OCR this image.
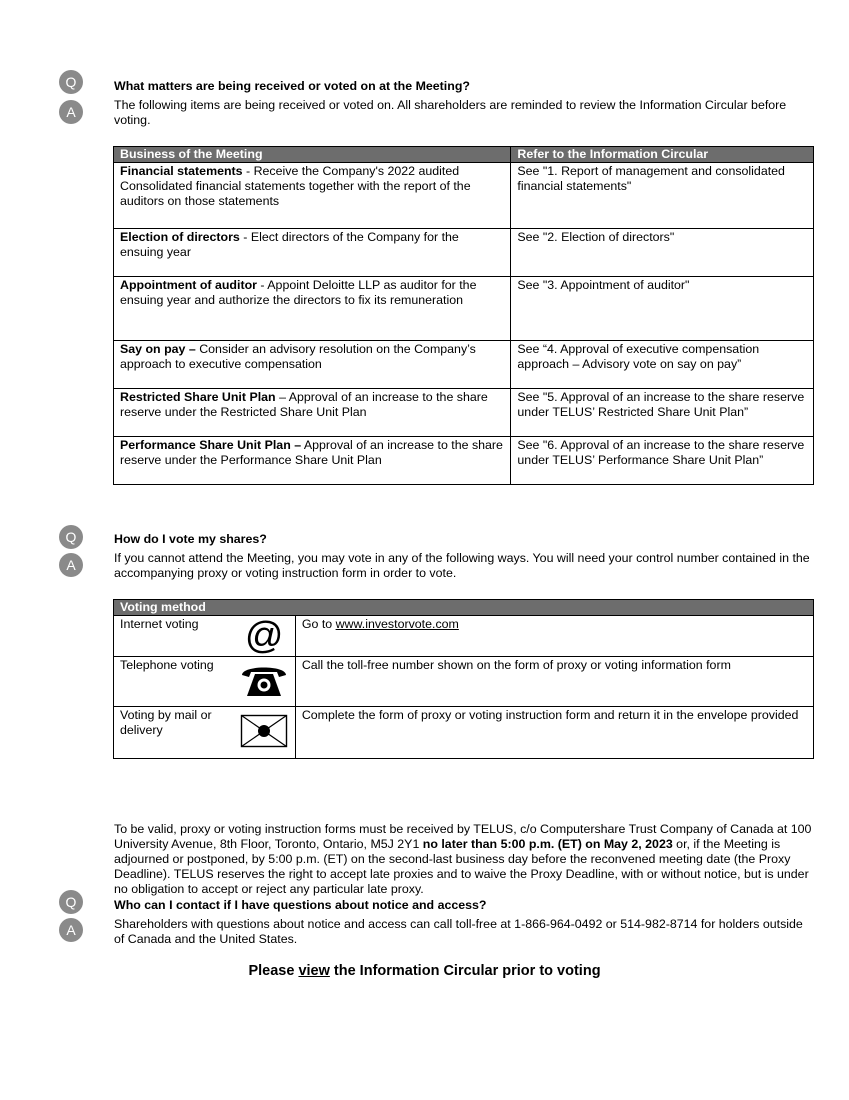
Q
A
What matters are being received or voted on at the Meeting?
The following items are being received or voted on. All shareholders are reminded to review the Information Circular before voting.
Business of the Meeting	Refer to the Information Circular
Financial statements - Receive the Company's 2022 audited Consolidated financial statements together with the report of the auditors on those statements	See "1. Report of management and consolidated financial statements"
Election of directors - Elect directors of the Company for the ensuing year	See "2. Election of directors"
Appointment of auditor - Appoint Deloitte LLP as auditor for the ensuing year and authorize the directors to fix its remuneration	See "3. Appointment of auditor"
Say on pay – Consider an advisory resolution on the Company’s approach to executive compensation	See “4. Approval of executive compensation approach – Advisory vote on say on pay”
Restricted Share Unit Plan – Approval of an increase to the share reserve under the Restricted Share Unit Plan	See "5. Approval of an increase to the share reserve under TELUS’ Restricted Share Unit Plan”
Performance Share Unit Plan – Approval of an increase to the share reserve under the Performance Share Unit Plan	See "6. Approval of an increase to the share reserve under TELUS’ Performance Share Unit Plan”
Q
A
How do I vote my shares?
If you cannot attend the Meeting, you may vote in any of the following ways. You will need your control number contained in the accompanying proxy or voting instruction form in order to vote.
Voting method		
Internet voting	@	Go to www.investorvote.com
Telephone voting		Call the toll-free number shown on the form of proxy or voting information form
Voting by mail or delivery		Complete the form of proxy or voting instruction form and return it in the envelope provided
To be valid, proxy or voting instruction forms must be received by TELUS, c/o Computershare Trust Company of Canada at 100 University Avenue, 8th Floor, Toronto, Ontario, M5J 2Y1 no later than 5:00 p.m. (ET) on May 2, 2023 or, if the Meeting is adjourned or postponed, by 5:00 p.m. (ET) on the second-last business day before the reconvened meeting date (the Proxy Deadline). TELUS reserves the right to accept late proxies and to waive the Proxy Deadline, with or without notice, but is under no obligation to accept or reject any particular late proxy.
Q
A
Who can I contact if I have questions about notice and access?
Shareholders with questions about notice and access can call toll-free at 1-866-964-0492 or 514-982-8714 for holders outside of Canada and the United States.
Please view the Information Circular prior to voting
